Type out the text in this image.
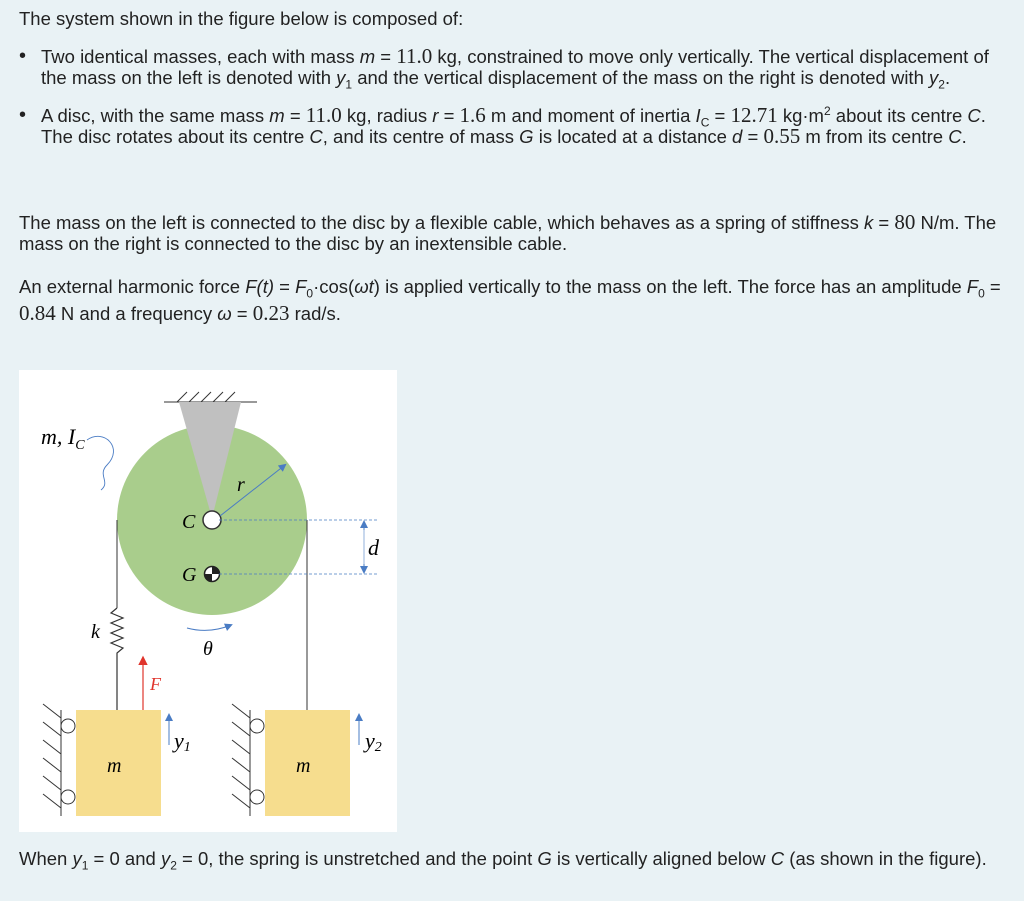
The system shown in the figure below is composed of:

• Two identical masses, each with mass m = 11.0 kg, constrained to move only vertically. The vertical displacement of the mass on the left is denoted with $y_1$ and the vertical displacement of the mass on the right is denoted with $y_2$.
• A disc, with the same mass m = 11.0 kg, radius r = 1.6 m and moment of inertia $I_C = 12.71$ $kg\cdot m^2$ about its centre C. The disc rotates about its centre C, and its centre of mass G is located at a distance d = 0.55 m from its centre C.

The mass on the left is connected to the disc by a flexible cable, which behaves as a spring of stiffness k = 80 N/m. The mass on the right is connected to the disc by an inextensible cable.

An external harmonic force $F(t) = F_0\cdot\cos(\omega t)$ is applied vertically to the mass on the left. The force has an amplitude $F_0 = 0.84$ N and a frequency ω = 0.23 rad/s.

m, $I_C$
r
C
G
d
k
θ
F
y1	y2
m	m

When $y_1 = 0$ and $y_2 = 0$, the spring is unstretched and the point G is vertically aligned below C (as shown in the figure).
